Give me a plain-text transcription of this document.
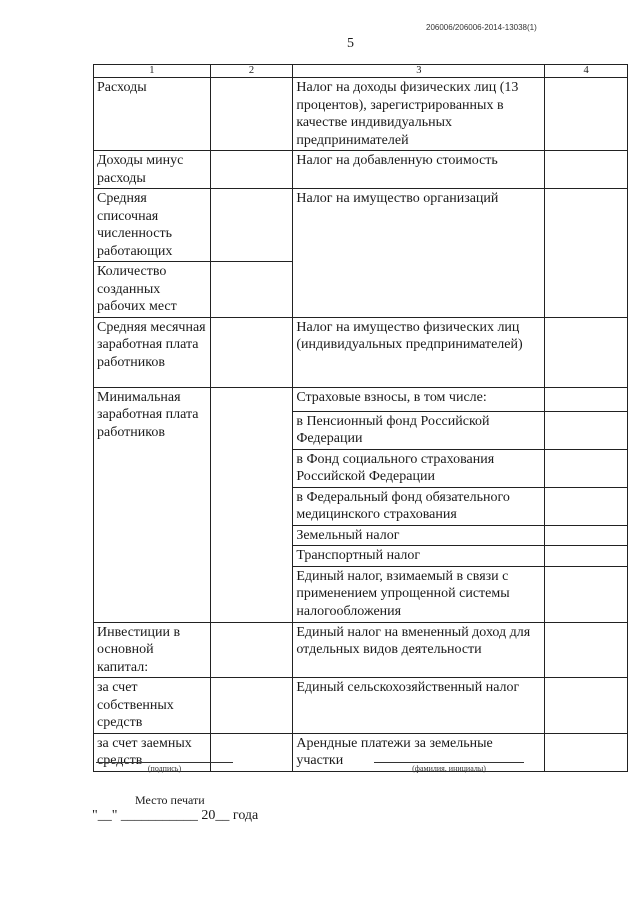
206006/206006-2014-13038(1)
5
1	2	3	4
Расходы		Налог на доходы физических лиц (13 процентов), зарегистрированных в качестве индивидуальных предпринимателей	
Доходы минус расходы		Налог на добавленную стоимость	
Средняя списочная численность работающих		Налог на имущество организаций	
Количество созданных рабочих мест			
Средняя месячная заработная плата работников		Налог на имущество физических лиц (индивидуальных предпринимателей)	
Минимальная заработная плата работников		Страховые взносы, в том числе:	
		в Пенсионный фонд Российской Федерации	
		в Фонд социального страхования Российской Федерации	
		в Федеральный фонд обязательного медицинского страхования	
		Земельный налог	
		Транспортный налог	
		Единый налог, взимаемый в связи с применением упрощенной системы налогообложения	
Инвестиции в основной капитал:		Единый налог на вмененный доход для отдельных видов деятельности	
за счет собственных средств		Единый сельскохозяйственный налог	
за счет заемных средств		Арендные платежи за земельные участки	
(подпись)	(фамилия, инициалы)
Место печати
"__" ___________ 20__ года
